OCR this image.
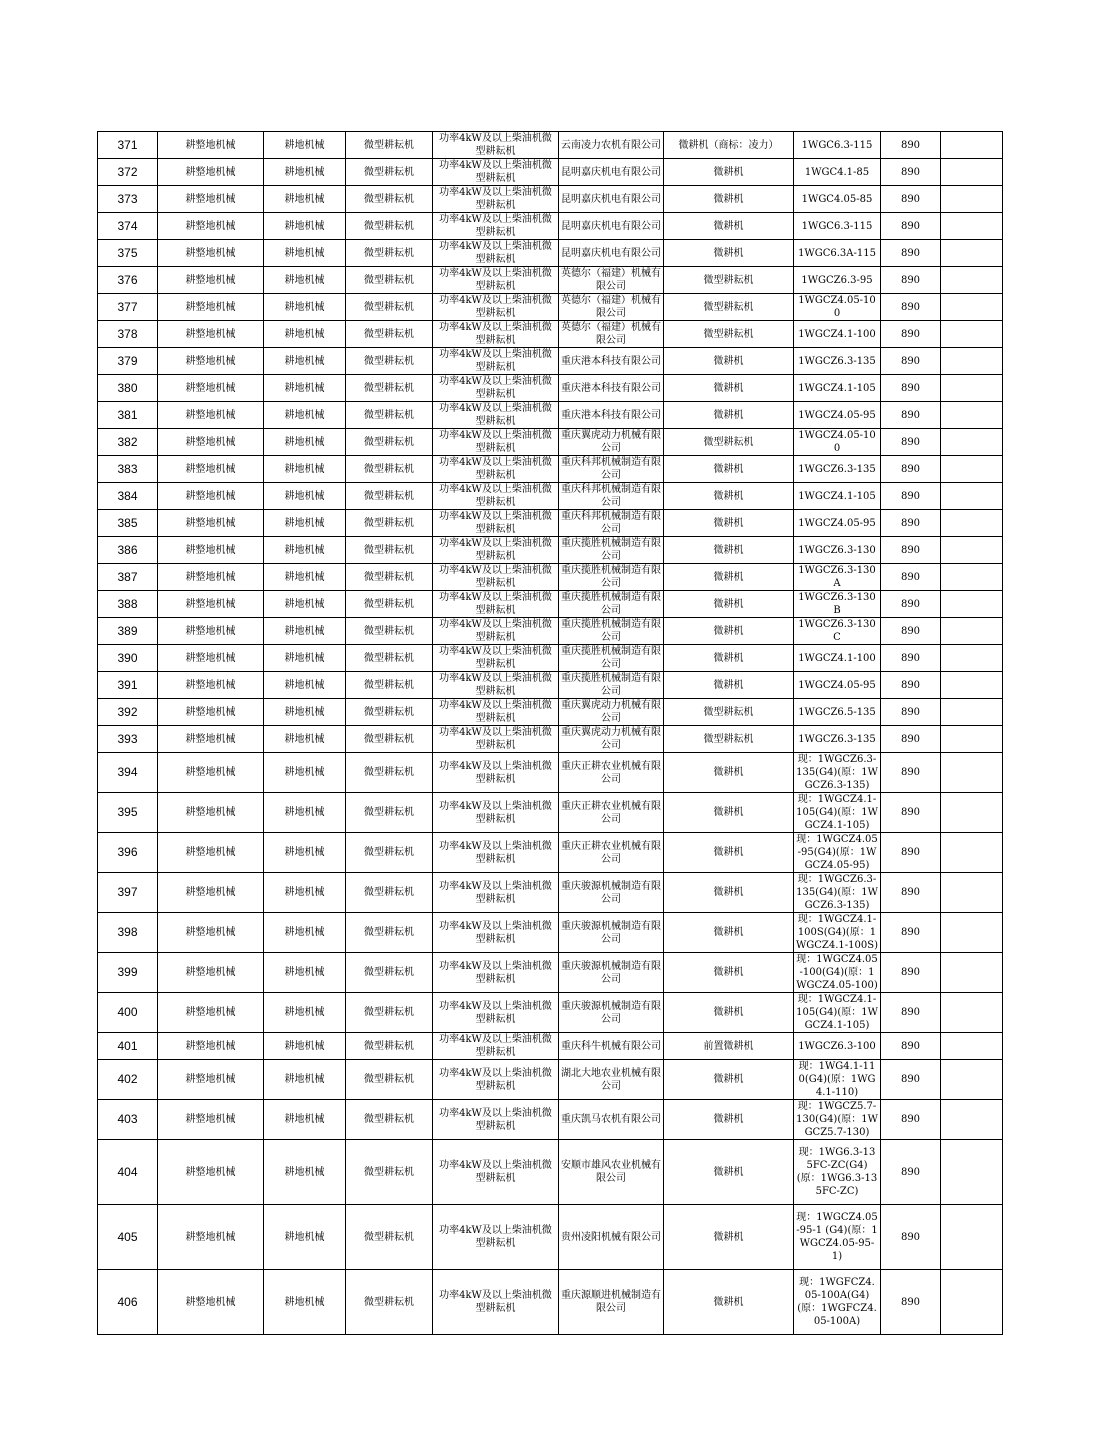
371	耕整地机械	耕地机械	微型耕耘机	功率4kW及以上柴油机微型耕耘机	云南凌力农机有限公司	微耕机（商标：凌力）	1WGC6.3-115	890	
372	耕整地机械	耕地机械	微型耕耘机	功率4kW及以上柴油机微型耕耘机	昆明嘉庆机电有限公司	微耕机	1WGC4.1-85	890	
373	耕整地机械	耕地机械	微型耕耘机	功率4kW及以上柴油机微型耕耘机	昆明嘉庆机电有限公司	微耕机	1WGC4.05-85	890	
374	耕整地机械	耕地机械	微型耕耘机	功率4kW及以上柴油机微型耕耘机	昆明嘉庆机电有限公司	微耕机	1WGC6.3-115	890	
375	耕整地机械	耕地机械	微型耕耘机	功率4kW及以上柴油机微型耕耘机	昆明嘉庆机电有限公司	微耕机	1WGC6.3A-115	890	
376	耕整地机械	耕地机械	微型耕耘机	功率4kW及以上柴油机微型耕耘机	英德尔（福建）机械有限公司	微型耕耘机	1WGCZ6.3-95	890	
377	耕整地机械	耕地机械	微型耕耘机	功率4kW及以上柴油机微型耕耘机	英德尔（福建）机械有限公司	微型耕耘机	1WGCZ4.05-100	890	
378	耕整地机械	耕地机械	微型耕耘机	功率4kW及以上柴油机微型耕耘机	英德尔（福建）机械有限公司	微型耕耘机	1WGCZ4.1-100	890	
379	耕整地机械	耕地机械	微型耕耘机	功率4kW及以上柴油机微型耕耘机	重庆港本科技有限公司	微耕机	1WGCZ6.3-135	890	
380	耕整地机械	耕地机械	微型耕耘机	功率4kW及以上柴油机微型耕耘机	重庆港本科技有限公司	微耕机	1WGCZ4.1-105	890	
381	耕整地机械	耕地机械	微型耕耘机	功率4kW及以上柴油机微型耕耘机	重庆港本科技有限公司	微耕机	1WGCZ4.05-95	890	
382	耕整地机械	耕地机械	微型耕耘机	功率4kW及以上柴油机微型耕耘机	重庆翼虎动力机械有限公司	微型耕耘机	1WGCZ4.05-100	890	
383	耕整地机械	耕地机械	微型耕耘机	功率4kW及以上柴油机微型耕耘机	重庆科邦机械制造有限公司	微耕机	1WGCZ6.3-135	890	
384	耕整地机械	耕地机械	微型耕耘机	功率4kW及以上柴油机微型耕耘机	重庆科邦机械制造有限公司	微耕机	1WGCZ4.1-105	890	
385	耕整地机械	耕地机械	微型耕耘机	功率4kW及以上柴油机微型耕耘机	重庆科邦机械制造有限公司	微耕机	1WGCZ4.05-95	890	
386	耕整地机械	耕地机械	微型耕耘机	功率4kW及以上柴油机微型耕耘机	重庆揽胜机械制造有限公司	微耕机	1WGCZ6.3-130	890	
387	耕整地机械	耕地机械	微型耕耘机	功率4kW及以上柴油机微型耕耘机	重庆揽胜机械制造有限公司	微耕机	1WGCZ6.3-130A	890	
388	耕整地机械	耕地机械	微型耕耘机	功率4kW及以上柴油机微型耕耘机	重庆揽胜机械制造有限公司	微耕机	1WGCZ6.3-130B	890	
389	耕整地机械	耕地机械	微型耕耘机	功率4kW及以上柴油机微型耕耘机	重庆揽胜机械制造有限公司	微耕机	1WGCZ6.3-130C	890	
390	耕整地机械	耕地机械	微型耕耘机	功率4kW及以上柴油机微型耕耘机	重庆揽胜机械制造有限公司	微耕机	1WGCZ4.1-100	890	
391	耕整地机械	耕地机械	微型耕耘机	功率4kW及以上柴油机微型耕耘机	重庆揽胜机械制造有限公司	微耕机	1WGCZ4.05-95	890	
392	耕整地机械	耕地机械	微型耕耘机	功率4kW及以上柴油机微型耕耘机	重庆翼虎动力机械有限公司	微型耕耘机	1WGCZ6.5-135	890	
393	耕整地机械	耕地机械	微型耕耘机	功率4kW及以上柴油机微型耕耘机	重庆翼虎动力机械有限公司	微型耕耘机	1WGCZ6.3-135	890	
394	耕整地机械	耕地机械	微型耕耘机	功率4kW及以上柴油机微型耕耘机	重庆正耕农业机械有限公司	微耕机	现：1WGCZ6.3-135(G4)(原：1WGCZ6.3-135)	890	
395	耕整地机械	耕地机械	微型耕耘机	功率4kW及以上柴油机微型耕耘机	重庆正耕农业机械有限公司	微耕机	现：1WGCZ4.1-105(G4)(原：1WGCZ4.1-105)	890	
396	耕整地机械	耕地机械	微型耕耘机	功率4kW及以上柴油机微型耕耘机	重庆正耕农业机械有限公司	微耕机	现：1WGCZ4.05-95(G4)(原：1WGCZ4.05-95)	890	
397	耕整地机械	耕地机械	微型耕耘机	功率4kW及以上柴油机微型耕耘机	重庆骏源机械制造有限公司	微耕机	现：1WGCZ6.3-135(G4)(原：1WGCZ6.3-135)	890	
398	耕整地机械	耕地机械	微型耕耘机	功率4kW及以上柴油机微型耕耘机	重庆骏源机械制造有限公司	微耕机	现：1WGCZ4.1-100S(G4)(原：1WGCZ4.1-100S)	890	
399	耕整地机械	耕地机械	微型耕耘机	功率4kW及以上柴油机微型耕耘机	重庆骏源机械制造有限公司	微耕机	现：1WGCZ4.05-100(G4)(原：1WGCZ4.05-100)	890	
400	耕整地机械	耕地机械	微型耕耘机	功率4kW及以上柴油机微型耕耘机	重庆骏源机械制造有限公司	微耕机	现：1WGCZ4.1-105(G4)(原：1WGCZ4.1-105)	890	
401	耕整地机械	耕地机械	微型耕耘机	功率4kW及以上柴油机微型耕耘机	重庆科牛机械有限公司	前置微耕机	1WGCZ6.3-100	890	
402	耕整地机械	耕地机械	微型耕耘机	功率4kW及以上柴油机微型耕耘机	湖北大地农业机械有限公司	微耕机	现：1WG4.1-110(G4)(原：1WG4.1-110)	890	
403	耕整地机械	耕地机械	微型耕耘机	功率4kW及以上柴油机微型耕耘机	重庆凯马农机有限公司	微耕机	现：1WGCZ5.7-130(G4)(原：1WGCZ5.7-130)	890	
404	耕整地机械	耕地机械	微型耕耘机	功率4kW及以上柴油机微型耕耘机	安顺市雄风农业机械有限公司	微耕机	现：1WG6.3-135FC-ZC(G4)(原：1WG6.3-135FC-ZC)	890	
405	耕整地机械	耕地机械	微型耕耘机	功率4kW及以上柴油机微型耕耘机	贵州凌阳机械有限公司	微耕机	现：1WGCZ4.05-95-1 (G4)(原：1WGCZ4.05-95-1)	890	
406	耕整地机械	耕地机械	微型耕耘机	功率4kW及以上柴油机微型耕耘机	重庆源顺进机械制造有限公司	微耕机	现：1WGFCZ4.05-100A(G4)(原：1WGFCZ4.05-100A)	890	
